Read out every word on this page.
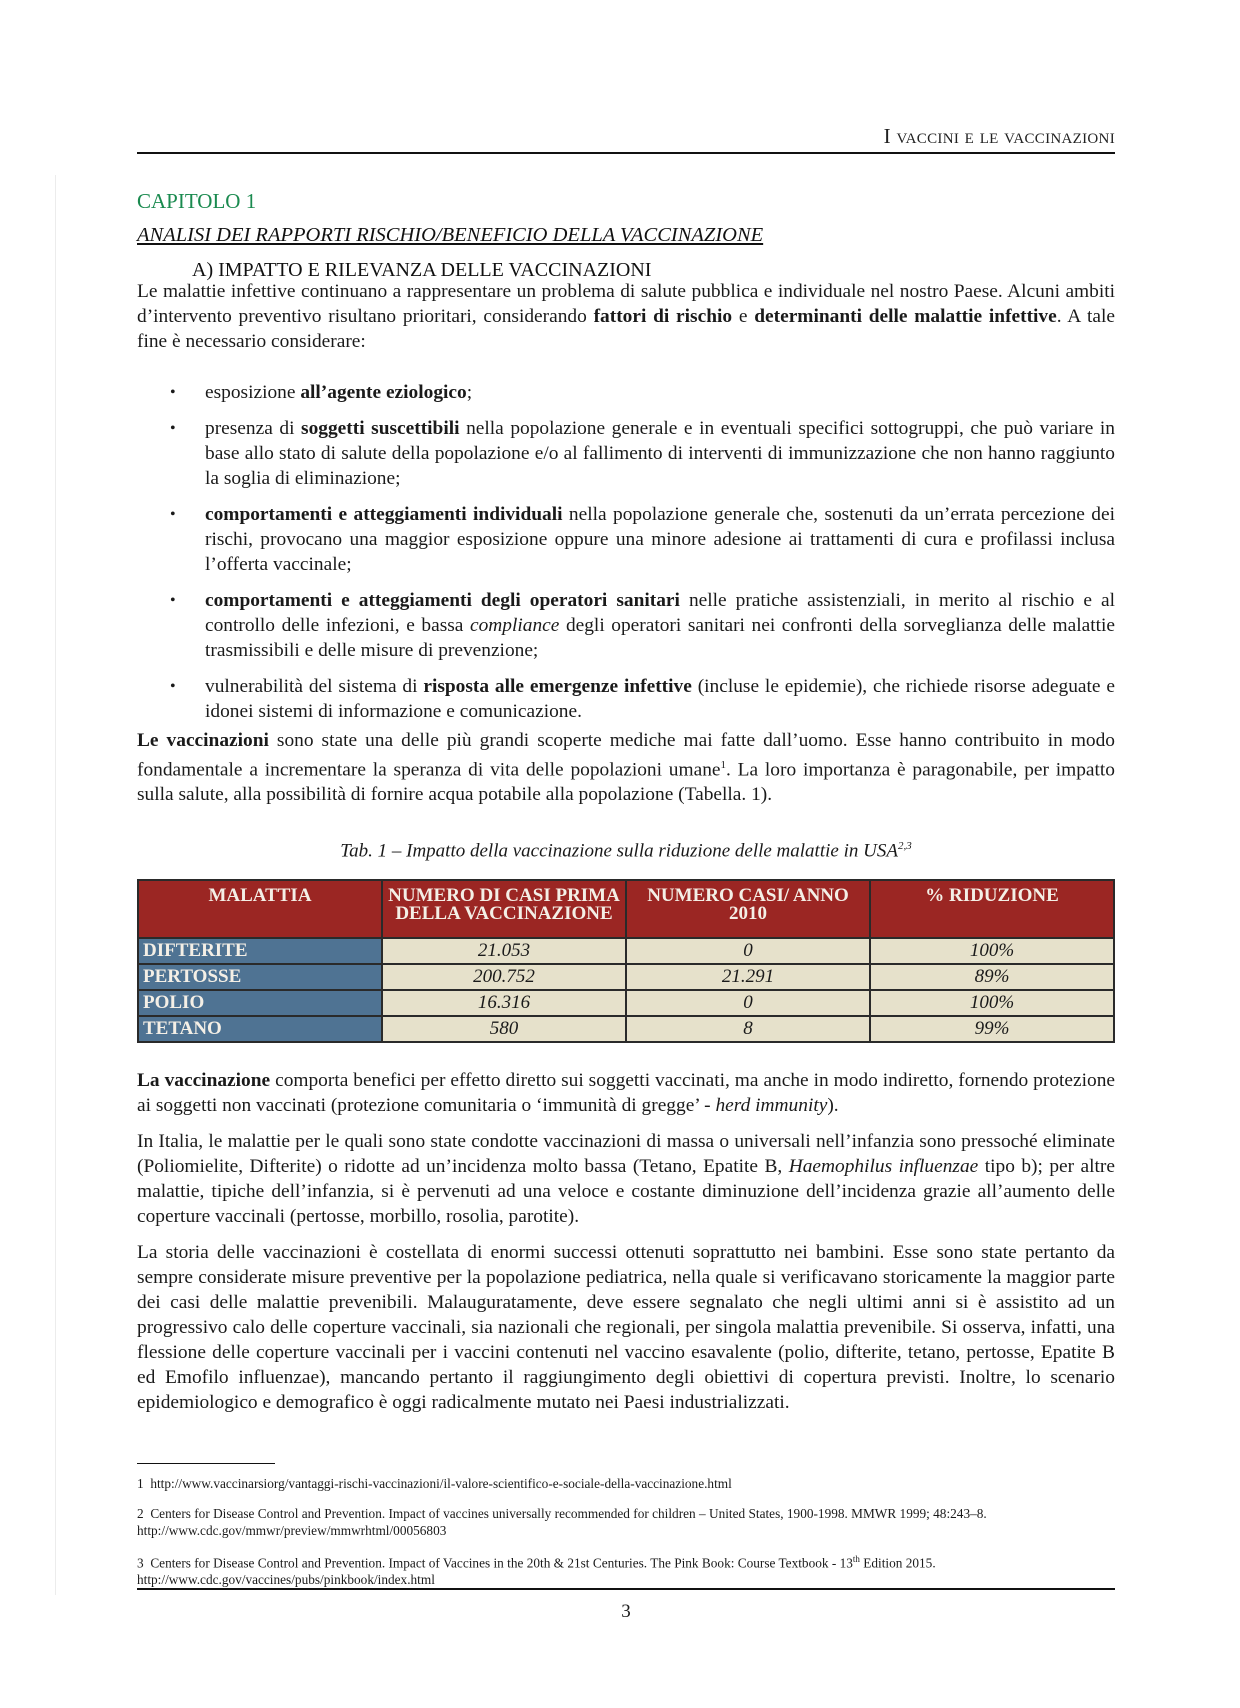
I vaccini e le vaccinazioni
CAPITOLO 1
ANALISI DEI RAPPORTI RISCHIO/BENEFICIO DELLA VACCINAZIONE
A) IMPATTO E RILEVANZA DELLE VACCINAZIONI

Le malattie infettive continuano a rappresentare un problema di salute pubblica e individuale nel nostro Paese. Alcuni ambiti d’intervento preventivo risultano prioritari, considerando fattori di rischio e determinanti delle malattie infettive. A tale fine è necessario considerare:

• esposizione all’agente eziologico;
• presenza di soggetti suscettibili nella popolazione generale e in eventuali specifici sottogruppi, che può variare in base allo stato di salute della popolazione e/o al fallimento di interventi di immunizzazione che non hanno raggiunto la soglia di eliminazione;
• comportamenti e atteggiamenti individuali nella popolazione generale che, sostenuti da un’errata percezione dei rischi, provocano una maggior esposizione oppure una minore adesione ai trattamenti di cura e profilassi inclusa l’offerta vaccinale;
• comportamenti e atteggiamenti degli operatori sanitari nelle pratiche assistenziali, in merito al rischio e al controllo delle infezioni, e bassa compliance degli operatori sanitari nei confronti della sorveglianza delle malattie trasmissibili e delle misure di prevenzione;
• vulnerabilità del sistema di risposta alle emergenze infettive (incluse le epidemie), che richiede risorse adeguate e idonei sistemi di informazione e comunicazione.

Le vaccinazioni sono state una delle più grandi scoperte mediche mai fatte dall’uomo. Esse hanno contribuito in modo fondamentale a incrementare la speranza di vita delle popolazioni umane$^1$. La loro importanza è paragonabile, per impatto sulla salute, alla possibilità di fornire acqua potabile alla popolazione (Tabella. 1).

Tab. 1 – Impatto della vaccinazione sulla riduzione delle malattie in USA$^{2,3}$
MALATTIA	NUMERO DI CASI PRIMA DELLA VACCINAZIONE	NUMERO CASI/ ANNO 2010	% RIDUZIONE
DIFTERITE	21.053	0	100%
PERTOSSE	200.752	21.291	89%
POLIO	16.316	0	100%
TETANO	580	8	99%

La vaccinazione comporta benefici per effetto diretto sui soggetti vaccinati, ma anche in modo indiretto, fornendo protezione ai soggetti non vaccinati (protezione comunitaria o ‘immunità di gregge’ - herd immunity).

In Italia, le malattie per le quali sono state condotte vaccinazioni di massa o universali nell’infanzia sono pressoché eliminate (Poliomielite, Difterite) o ridotte ad un’incidenza molto bassa (Tetano, Epatite B, Haemophilus influenzae tipo b); per altre malattie, tipiche dell’infanzia, si è pervenuti ad una veloce e costante diminuzione dell’incidenza grazie all’aumento delle coperture vaccinali (pertosse, morbillo, rosolia, parotite).

La storia delle vaccinazioni è costellata di enormi successi ottenuti soprattutto nei bambini. Esse sono state pertanto da sempre considerate misure preventive per la popolazione pediatrica, nella quale si verificavano storicamente la maggior parte dei casi delle malattie prevenibili. Malauguratamente, deve essere segnalato che negli ultimi anni si è assistito ad un progressivo calo delle coperture vaccinali, sia nazionali che regionali, per singola malattia prevenibile. Si osserva, infatti, una flessione delle coperture vaccinali per i vaccini contenuti nel vaccino esavalente (polio, difterite, tetano, pertosse, Epatite B ed Emofilo influenzae), mancando pertanto il raggiungimento degli obiettivi di copertura previsti. Inoltre, lo scenario epidemiologico e demografico è oggi radicalmente mutato nei Paesi industrializzati.

1 http://www.vaccinarsiorg/vantaggi-rischi-vaccinazioni/il-valore-scientifico-e-sociale-della-vaccinazione.html
2 Centers for Disease Control and Prevention. Impact of vaccines universally recommended for children – United States, 1900-1998. MMWR 1999; 48:243–8. http://www.cdc.gov/mmwr/preview/mmwrhtml/00056803
3 Centers for Disease Control and Prevention. Impact of Vaccines in the 20th & 21st Centuries. The Pink Book: Course Textbook - 13th Edition 2015. http://www.cdc.gov/vaccines/pubs/pinkbook/index.html
3
